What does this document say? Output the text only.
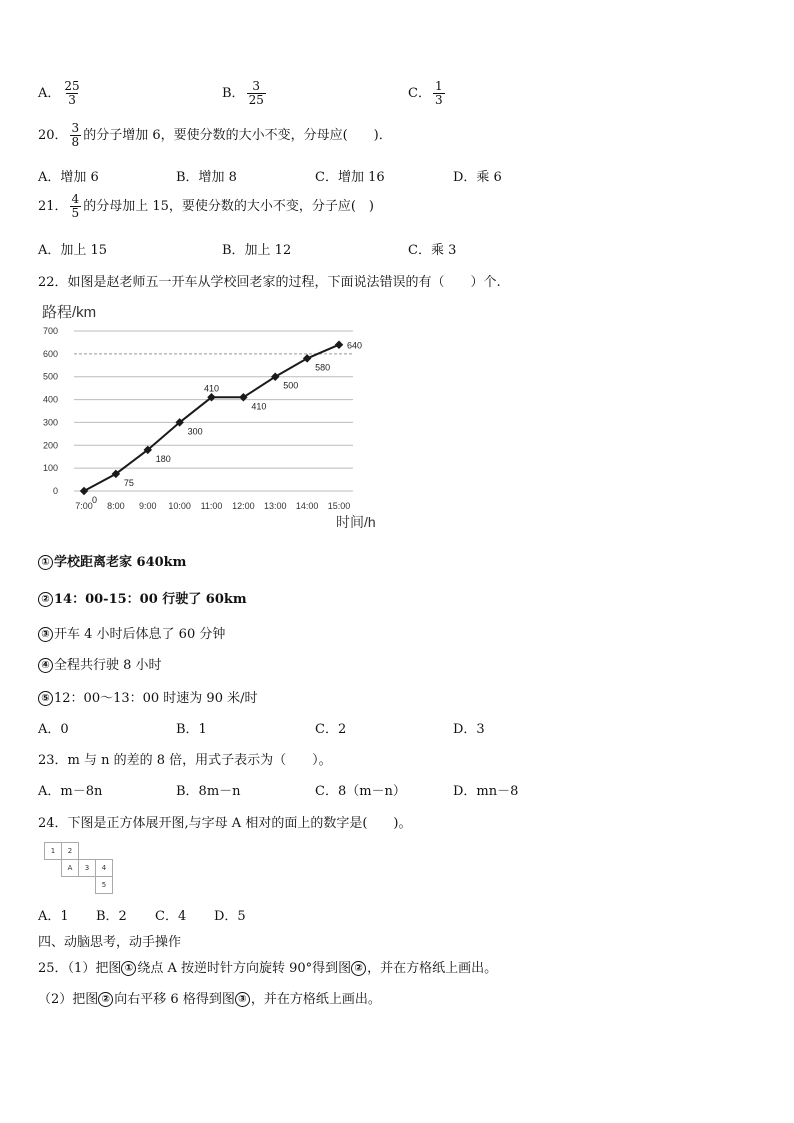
A． $\frac{25}{3}$	B． $\frac{3}{25}$	C． $\frac{1}{3}$
20． $\frac{3}{8}$ 的分子增加 6，要使分数的大小不变，分母应(　　)．
A．增加 6	B．增加 8	C．增加 16	D．乘 6
21． $\frac{4}{5}$ 的分母加上 15，要使分数的大小不变，分子应(　)
A．加上 15	B．加上 12	C．乘 3
22．如图是赵老师五一开车从学校回老家的过程，下面说法错误的有（　　）个.
路程/km
0
100
200
300
400
500
600
700
7:00 8:00 9:00 10:00 11:00 12:00 13:00 14:00 15:00
0
75
180
300
410
410
500
580
640
时间/h
① 学校距离老家 640km
② 14：00-15：00 行驶了 60km
③ 开车 4 小时后体息了 60 分钟
④ 全程共行驶 8 小时
⑤ 12：00～13：00 时速为 90 米/时
A．0	B．1	C．2	D．3
23．m 与 n 的差的 8 倍，用式子表示为（　　）。
A．m－8n	B．8m－n	C．8（m－n）	D．mn－8
24．下图是正方体展开图,与字母 A 相对的面上的数字是(　　)。
1	2		
	A	3	4
			5
A．1 B．2 C．4 D．5
四、动脑思考，动手操作
25．（1）把图 ① 绕点 A 按逆时针方向旋转 90°得到图 ② ，并在方格纸上画出。
（2）把图 ② 向右平移 6 格得到图 ③ ，并在方格纸上画出。
